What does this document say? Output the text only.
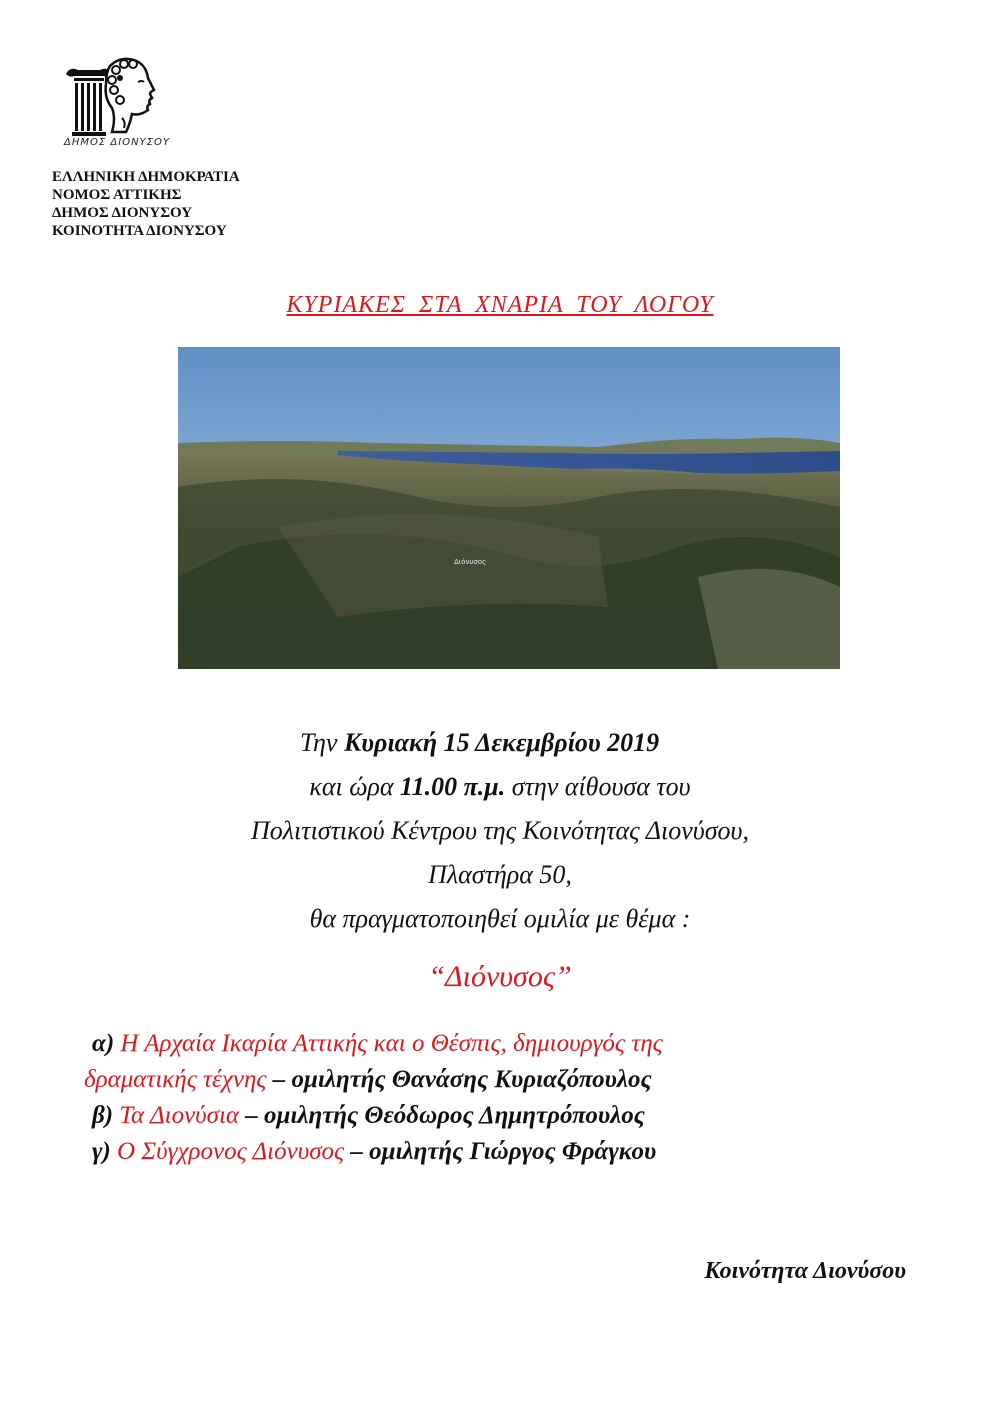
ΔΗΜΟΣ ΔΙΟΝΥΣΟΥ
ΕΛΛΗΝΙΚΗ ΔΗΜΟΚΡΑΤΙΑ
ΝΟΜΟΣ ΑΤΤΙΚΗΣ
ΔΗΜΟΣ ΔΙΟΝΥΣΟΥ
ΚΟΙΝΟΤΗΤΑ ΔΙΟΝΥΣΟΥ
ΚΥΡΙΑΚΕΣ ΣΤΑ ΧΝΑΡΙΑ ΤΟΥ ΛΟΓΟΥ
Διόνυσος
Την Κυριακή 15 Δεκεμβρίου 2019
και ώρα 11.00 π.μ. στην αίθουσα του
Πολιτιστικού Κέντρου της Κοινότητας Διονύσου,
Πλαστήρα 50,
θα πραγματοποιηθεί ομιλία με θέμα :
“Διόνυσος”
α) Η Αρχαία Ικαρία Αττικής και ο Θέσπις, δημιουργός της
δραματικής τέχνης – ομιλητής Θανάσης Κυριαζόπουλος
β) Τα Διονύσια – ομιλητής Θεόδωρος Δημητρόπουλος
γ) Ο Σύγχρονος Διόνυσος – ομιλητής Γιώργος Φράγκου
Κοινότητα Διονύσου
